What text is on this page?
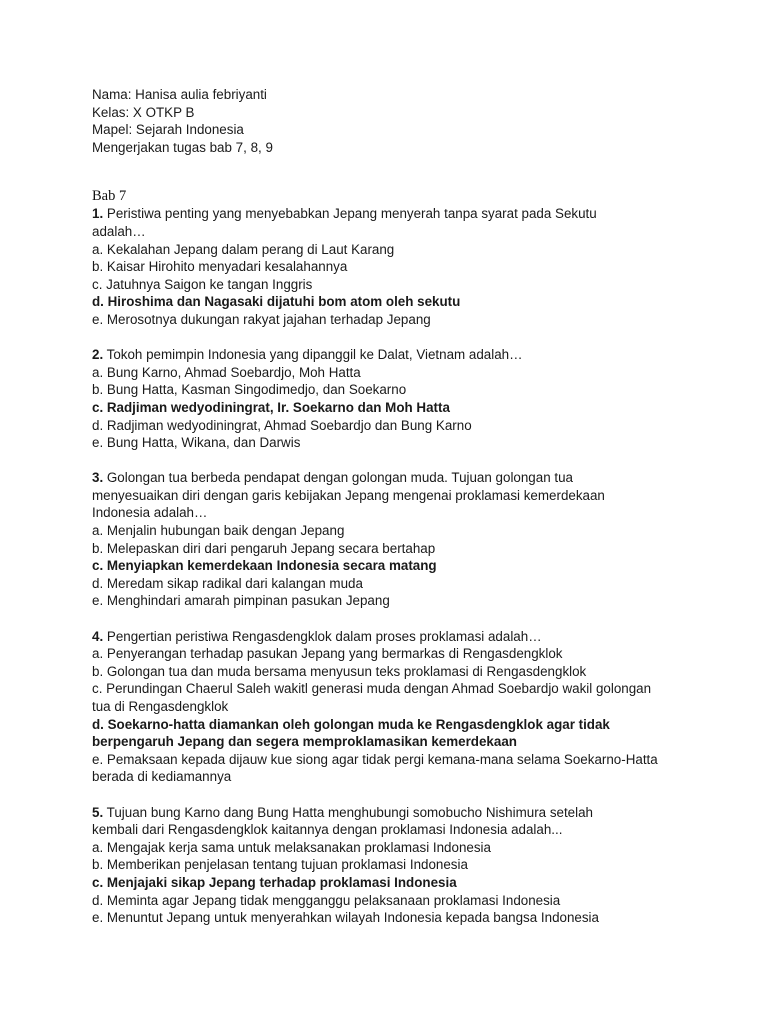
Nama: Hanisa aulia febriyanti
Kelas: X OTKP B
Mapel: Sejarah Indonesia
Mengerjakan tugas bab 7, 8, 9
Bab 7
1. Peristiwa penting yang menyebabkan Jepang menyerah tanpa syarat pada Sekutu
adalah…
a. Kekalahan Jepang dalam perang di Laut Karang
b. Kaisar Hirohito menyadari kesalahannya
c. Jatuhnya Saigon ke tangan Inggris
d. Hiroshima dan Nagasaki dijatuhi bom atom oleh sekutu
e. Merosotnya dukungan rakyat jajahan terhadap Jepang
2. Tokoh pemimpin Indonesia yang dipanggil ke Dalat, Vietnam adalah…
a. Bung Karno, Ahmad Soebardjo, Moh Hatta
b. Bung Hatta, Kasman Singodimedjo, dan Soekarno
c. Radjiman wedyodiningrat, Ir. Soekarno dan Moh Hatta
d. Radjiman wedyodiningrat, Ahmad Soebardjo dan Bung Karno
e. Bung Hatta, Wikana, dan Darwis
3. Golongan tua berbeda pendapat dengan golongan muda. Tujuan golongan tua
menyesuaikan diri dengan garis kebijakan Jepang mengenai proklamasi kemerdekaan
Indonesia adalah…
a. Menjalin hubungan baik dengan Jepang
b. Melepaskan diri dari pengaruh Jepang secara bertahap
c. Menyiapkan kemerdekaan Indonesia secara matang
d. Meredam sikap radikal dari kalangan muda
e. Menghindari amarah pimpinan pasukan Jepang
4. Pengertian peristiwa Rengasdengklok dalam proses proklamasi adalah…
a. Penyerangan terhadap pasukan Jepang yang bermarkas di Rengasdengklok
b. Golongan tua dan muda bersama menyusun teks proklamasi di Rengasdengklok
c. Perundingan Chaerul Saleh wakitl generasi muda dengan Ahmad Soebardjo wakil golongan tua di Rengasdengklok
d. Soekarno-hatta diamankan oleh golongan muda ke Rengasdengklok agar tidak berpengaruh Jepang dan segera memproklamasikan kemerdekaan
e. Pemaksaan kepada dijauw kue siong agar tidak pergi kemana-mana selama Soekarno-Hatta berada di kediamannya
5. Tujuan bung Karno dang Bung Hatta menghubungi somobucho Nishimura setelah
kembali dari Rengasdengklok kaitannya dengan proklamasi Indonesia adalah...
a. Mengajak kerja sama untuk melaksanakan proklamasi Indonesia
b. Memberikan penjelasan tentang tujuan proklamasi Indonesia
c. Menjajaki sikap Jepang terhadap proklamasi Indonesia
d. Meminta agar Jepang tidak mengganggu pelaksanaan proklamasi Indonesia
e. Menuntut Jepang untuk menyerahkan wilayah Indonesia kepada bangsa Indonesia
